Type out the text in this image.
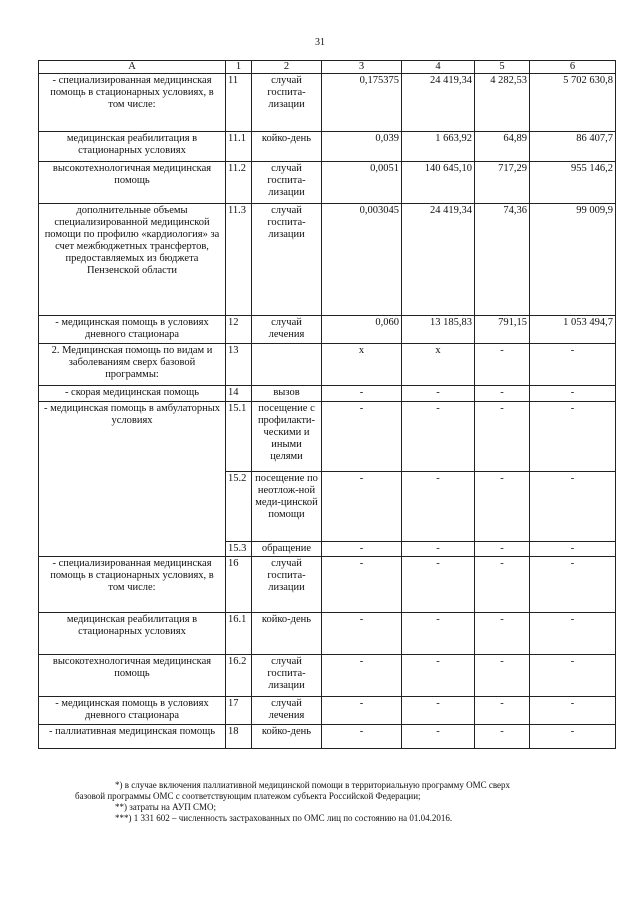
31
А	1	2	3	4	5	6
- специализированная медицинская помощь в стационарных условиях, в том числе:	11	случай госпита-лизации	0,175375	24 419,34	4 282,53	5 702 630,8
медицинская реабилитация в стационарных условиях	11.1	койко-день	0,039	1 663,92	64,89	86 407,7
высокотехнологичная медицинская помощь	11.2	случай госпита-лизации	0,0051	140 645,10	717,29	955 146,2
дополнительные объемы специализированной медицинской помощи по профилю «кардиология» за счет межбюджетных трансфертов, предоставляемых из бюджета Пензенской области	11.3	случай госпита-лизации	0,003045	24 419,34	74,36	99 009,9
- медицинская помощь в условиях дневного стационара	12	случай лечения	0,060	13 185,83	791,15	1 053 494,7
2. Медицинская помощь по видам и заболеваниям сверх базовой программы:	13		х	х	-	-
- скорая медицинская помощь	14	вызов	-	-	-	-
- медицинская помощь в амбулаторных условиях	15.1	посещение с профилакти-ческими и иными целями	-	-	-	-
	15.2	посещение по неотлож-ной меди-цинской помощи	-	-	-	-
	15.3	обращение	-	-	-	-
- специализированная медицинская помощь в стационарных условиях, в том числе:	16	случай госпита-лизации	-	-	-	-
медицинская реабилитация в стационарных условиях	16.1	койко-день	-	-	-	-
высокотехнологичная медицинская помощь	16.2	случай госпита-лизации	-	-	-	-
- медицинская помощь в условиях дневного стационара	17	случай лечения	-	-	-	-
- паллиативная медицинская помощь	18	койко-день	-	-	-	-

*) в случае включения паллиативной медицинской помощи в территориальную программу ОМС сверх

базовой программы ОМС с соответствующим платежом субъекта Российской Федерации;

**) затраты на АУП СМО;

***) 1 331 602 – численность застрахованных по ОМС лиц по состоянию на 01.04.2016.
